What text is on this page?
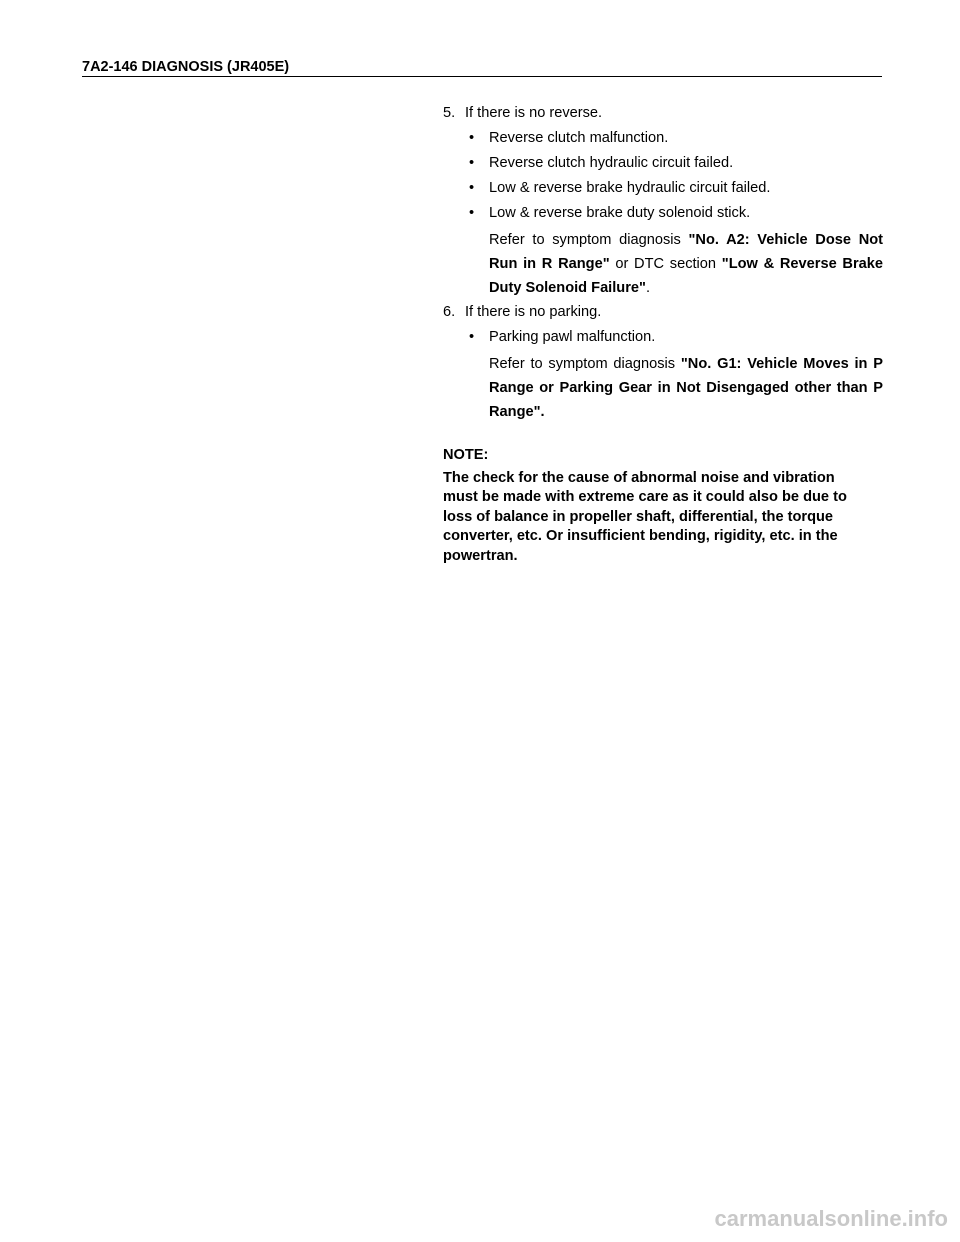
7A2-146 DIAGNOSIS (JR405E)
5. If there is no reverse.
• Reverse clutch malfunction.
• Reverse clutch hydraulic circuit failed.
• Low & reverse brake hydraulic circuit failed.
• Low & reverse brake duty solenoid stick.
Refer to symptom diagnosis "No. A2: Vehicle Dose Not Run in R Range" or DTC section "Low & Reverse Brake Duty Solenoid Failure".
6. If there is no parking.
• Parking pawl malfunction.
Refer to symptom diagnosis "No. G1: Vehicle Moves in P Range or Parking Gear in Not Disengaged other than P Range".
NOTE:
The check for the cause of abnormal noise and vibration must be made with extreme care as it could also be due to loss of balance in propeller shaft, differential, the torque converter, etc. Or insufficient bending, rigidity, etc. in the powertran.
carmanualsonline.info
